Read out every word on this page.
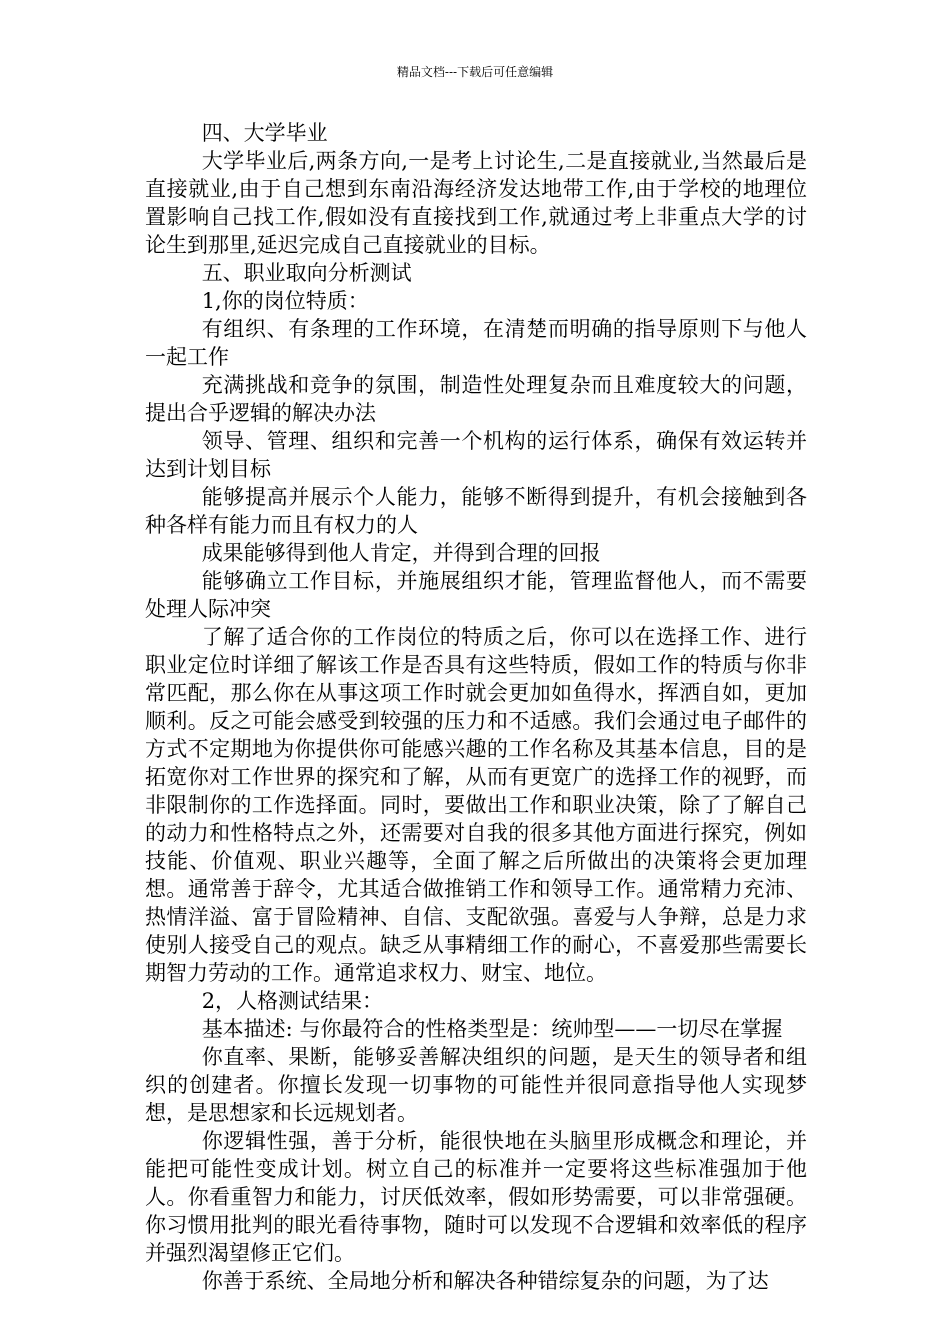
精品文档---下载后可任意编辑

四、大学毕业

大学毕业后,两条方向,一是考上讨论生,二是直接就业,当然最后是直接就业,由于自己想到东南沿海经济发达地带工作,由于学校的地理位置影响自己找工作,假如没有直接找到工作,就通过考上非重点大学的讨论生到那里,延迟完成自己直接就业的目标。

五、职业取向分析测试

1,你的岗位特质：

有组织、有条理的工作环境，在清楚而明确的指导原则下与他人一起工作

充满挑战和竞争的氛围，制造性处理复杂而且难度较大的问题，提出合乎逻辑的解决办法

领导、管理、组织和完善一个机构的运行体系，确保有效运转并达到计划目标

能够提高并展示个人能力，能够不断得到提升，有机会接触到各种各样有能力而且有权力的人

成果能够得到他人肯定，并得到合理的回报

能够确立工作目标，并施展组织才能，管理监督他人，而不需要处理人际冲突

了解了适合你的工作岗位的特质之后，你可以在选择工作、进行职业定位时详细了解该工作是否具有这些特质，假如工作的特质与你非常匹配，那么你在从事这项工作时就会更加如鱼得水，挥洒自如，更加顺利。反之可能会感受到较强的压力和不适感。我们会通过电子邮件的方式不定期地为你提供你可能感兴趣的工作名称及其基本信息，目的是拓宽你对工作世界的探究和了解，从而有更宽广的选择工作的视野，而非限制你的工作选择面。同时，要做出工作和职业决策，除了了解自己的动力和性格特点之外，还需要对自我的很多其他方面进行探究，例如技能、价值观、职业兴趣等，全面了解之后所做出的决策将会更加理想。通常善于辞令，尤其适合做推销工作和领导工作。通常精力充沛、热情洋溢、富于冒险精神、自信、支配欲强。喜爱与人争辩，总是力求使别人接受自己的观点。缺乏从事精细工作的耐心，不喜爱那些需要长期智力劳动的工作。通常追求权力、财宝、地位。

2，人格测试结果：

基本描述: 与你最符合的性格类型是：统帅型——一切尽在掌握

你直率、果断，能够妥善解决组织的问题，是天生的领导者和组织的创建者。你擅长发现一切事物的可能性并很同意指导他人实现梦想，是思想家和长远规划者。

你逻辑性强，善于分析，能很快地在头脑里形成概念和理论，并能把可能性变成计划。树立自己的标准并一定要将这些标准强加于他人。你看重智力和能力，讨厌低效率，假如形势需要，可以非常强硬。你习惯用批判的眼光看待事物，随时可以发现不合逻辑和效率低的程序并强烈渴望修正它们。

你善于系统、全局地分析和解决各种错综复杂的问题，为了达
